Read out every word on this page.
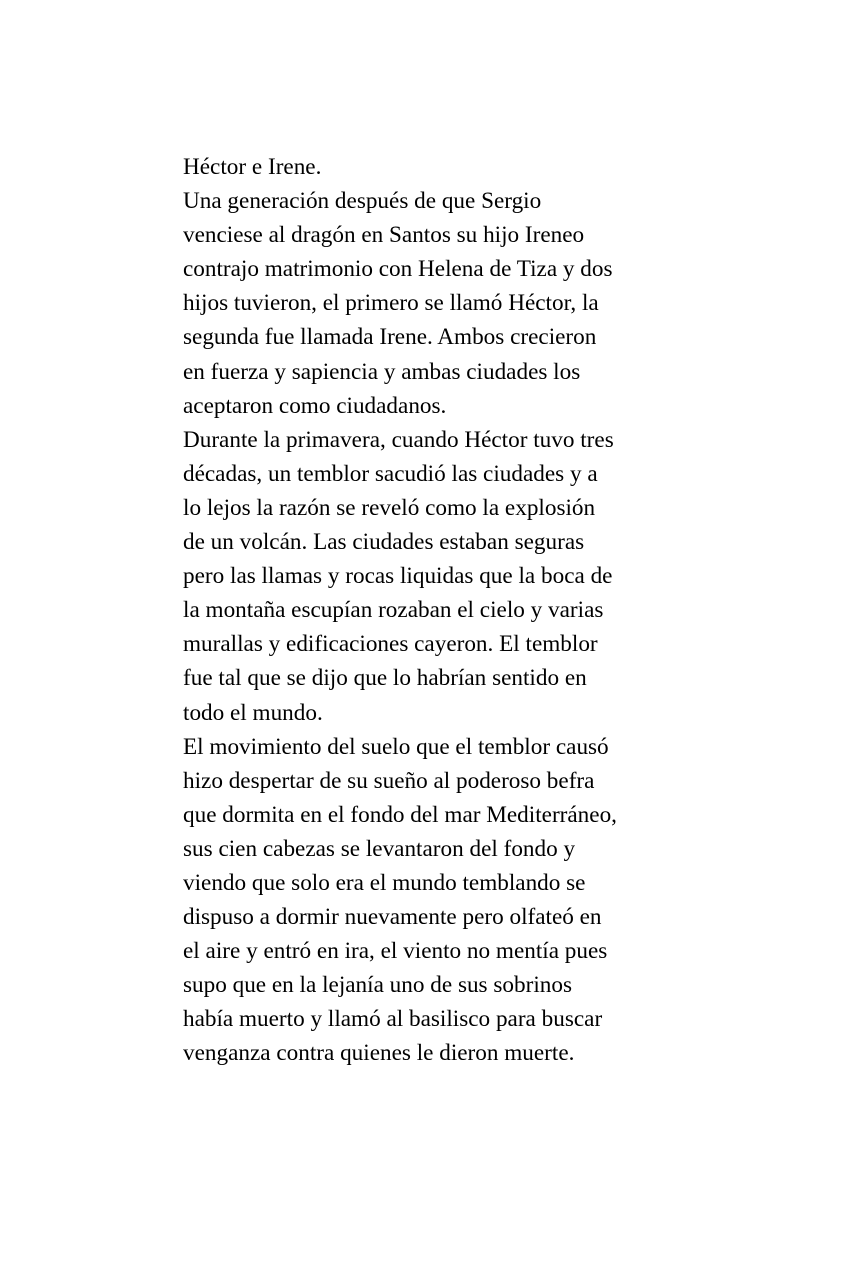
Héctor e Irene.
Una generación después de que Sergio
venciese al dragón en Santos su hijo Ireneo
contrajo matrimonio con Helena de Tiza y dos
hijos tuvieron, el primero se llamó Héctor, la
segunda fue llamada Irene. Ambos crecieron
en fuerza y sapiencia y ambas ciudades los
aceptaron como ciudadanos.
Durante la primavera, cuando Héctor tuvo tres
décadas, un temblor sacudió las ciudades y a
lo lejos la razón se reveló como la explosión
de un volcán. Las ciudades estaban seguras
pero las llamas y rocas liquidas que la boca de
la montaña escupían rozaban el cielo y varias
murallas y edificaciones cayeron. El temblor
fue tal que se dijo que lo habrían sentido en
todo el mundo.
El movimiento del suelo que el temblor causó
hizo despertar de su sueño al poderoso befra
que dormita en el fondo del mar Mediterráneo,
sus cien cabezas se levantaron del fondo y
viendo que solo era el mundo temblando se
dispuso a dormir nuevamente pero olfateó en
el aire y entró en ira, el viento no mentía pues
supo que en la lejanía uno de sus sobrinos
había muerto y llamó al basilisco para buscar
venganza contra quienes le dieron muerte.
